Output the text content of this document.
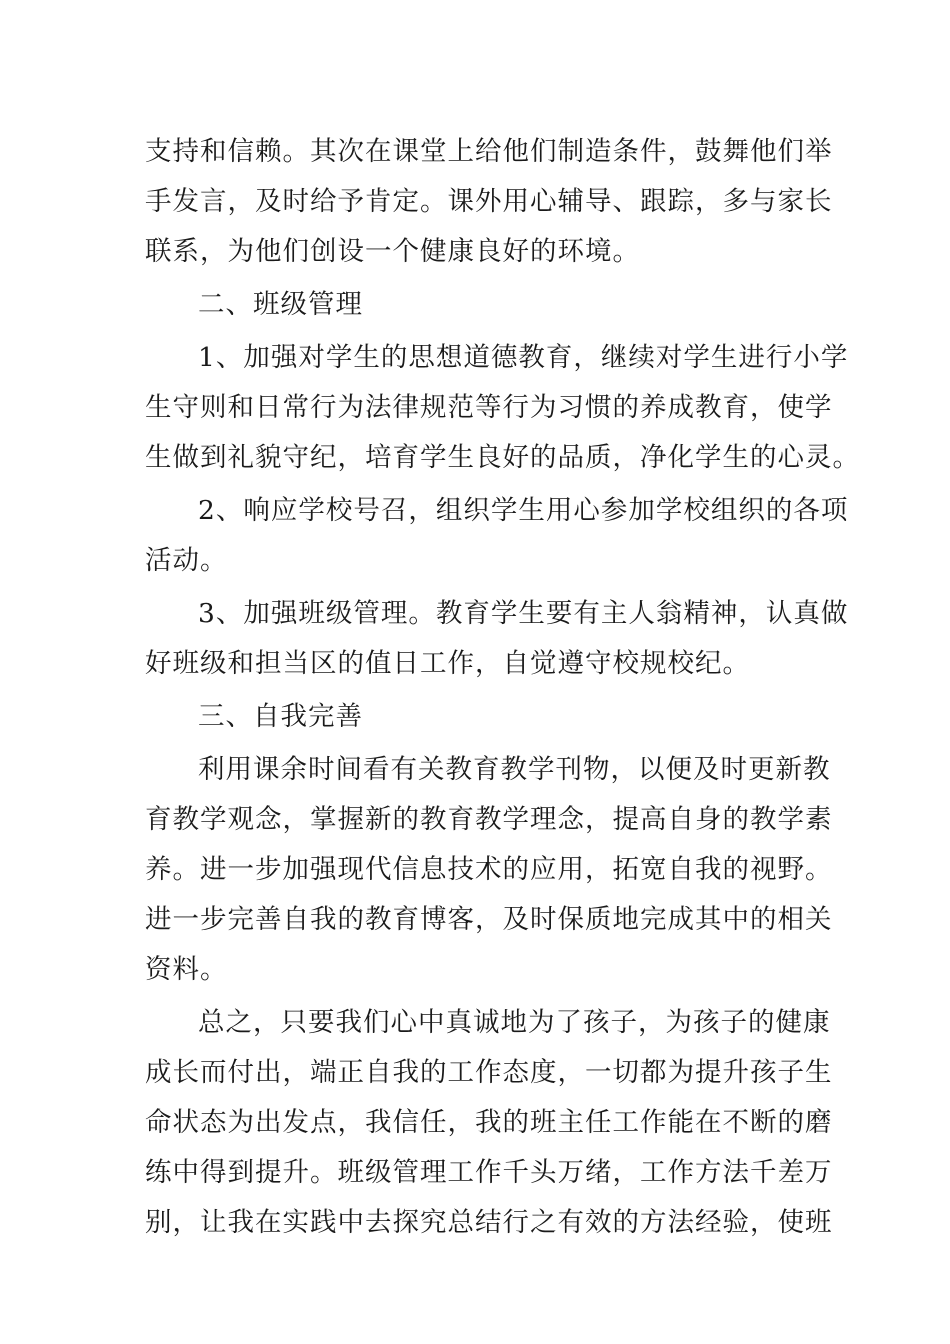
支持和信赖。其次在课堂上给他们制造条件，鼓舞他们举
手发言，及时给予肯定。课外用心辅导、跟踪，多与家长
联系，为他们创设一个健康良好的环境。
二、班级管理
1、加强对学生的思想道德教育，继续对学生进行小学
生守则和日常行为法律规范等行为习惯的养成教育，使学
生做到礼貌守纪，培育学生良好的品质，净化学生的心灵。
2、响应学校号召，组织学生用心参加学校组织的各项
活动。
3、加强班级管理。教育学生要有主人翁精神，认真做
好班级和担当区的值日工作，自觉遵守校规校纪。
三、自我完善
利用课余时间看有关教育教学刊物，以便及时更新教
育教学观念，掌握新的教育教学理念，提高自身的教学素
养。进一步加强现代信息技术的应用，拓宽自我的视野。
进一步完善自我的教育博客，及时保质地完成其中的相关
资料。
总之，只要我们心中真诚地为了孩子，为孩子的健康
成长而付出，端正自我的工作态度，一切都为提升孩子生
命状态为出发点，我信任，我的班主任工作能在不断的磨
练中得到提升。班级管理工作千头万绪，工作方法千差万
别，让我在实践中去探究总结行之有效的方法经验，使班
